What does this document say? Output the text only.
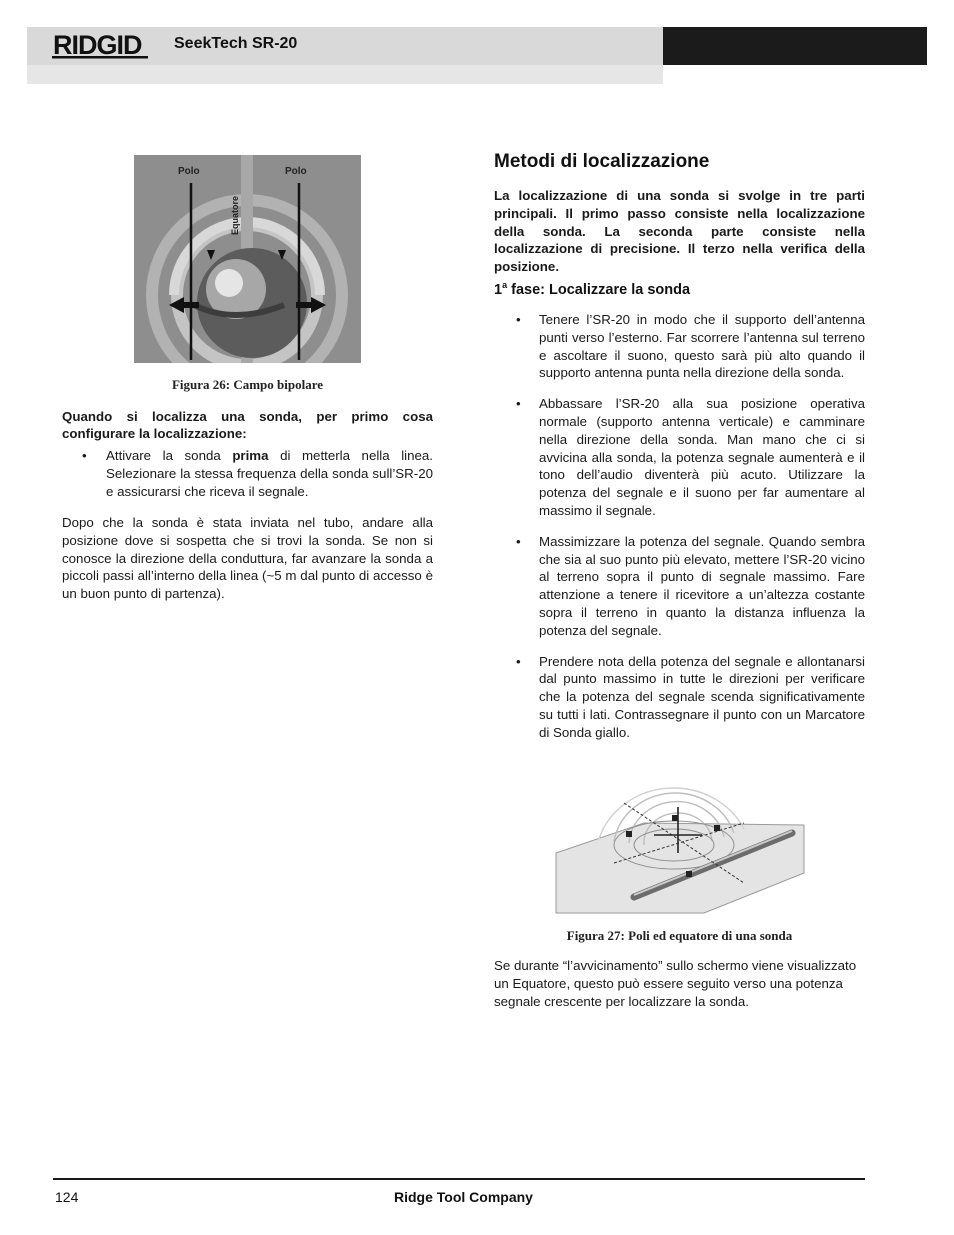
RIDGID SeekTech SR-20
Polo	Polo
Equatore
Figura 26: Campo bipolare
Quando si localizza una sonda, per primo cosa configurare la localizzazione:
• Attivare la sonda prima di metterla nella linea. Selezionare la stessa frequenza della sonda sull’SR-20 e assicurarsi che riceva il segnale.
Dopo che la sonda è stata inviata nel tubo, andare alla posizione dove si sospetta che si trovi la sonda. Se non si conosce la direzione della conduttura, far avanzare la sonda a piccoli passi all’interno della linea (~5 m dal punto di accesso è un buon punto di partenza).
Metodi di localizzazione
La localizzazione di una sonda si svolge in tre parti principali. Il primo passo consiste nella localizzazione della sonda. La seconda parte consiste nella localizzazione di precisione. Il terzo nella verifica della posizione.
1$^a$ fase: Localizzare la sonda
• Tenere l’SR-20 in modo che il supporto dell’antenna punti verso l’esterno. Far scorrere l’antenna sul terreno e ascoltare il suono, questo sarà più alto quando il supporto antenna punta nella direzione della sonda.
• Abbassare l’SR-20 alla sua posizione operativa normale (supporto antenna verticale) e camminare nella direzione della sonda. Man mano che ci si avvicina alla sonda, la potenza segnale aumenterà e il tono dell’audio diventerà più acuto. Utilizzare la potenza del segnale e il suono per far aumentare al massimo il segnale.
• Massimizzare la potenza del segnale. Quando sembra che sia al suo punto più elevato, mettere l’SR-20 vicino al terreno sopra il punto di segnale massimo. Fare attenzione a tenere il ricevitore a un’altezza costante sopra il terreno in quanto la distanza influenza la potenza del segnale.
• Prendere nota della potenza del segnale e allontanarsi dal punto massimo in tutte le direzioni per verificare che la potenza del segnale scenda significativamente su tutti i lati. Contrassegnare il punto con un Marcatore di Sonda giallo.
Figura 27: Poli ed equatore di una sonda
Se durante “l’avvicinamento” sullo schermo viene visualizzato un Equatore, questo può essere seguito verso una potenza segnale crescente per localizzare la sonda.
124	Ridge Tool Company
